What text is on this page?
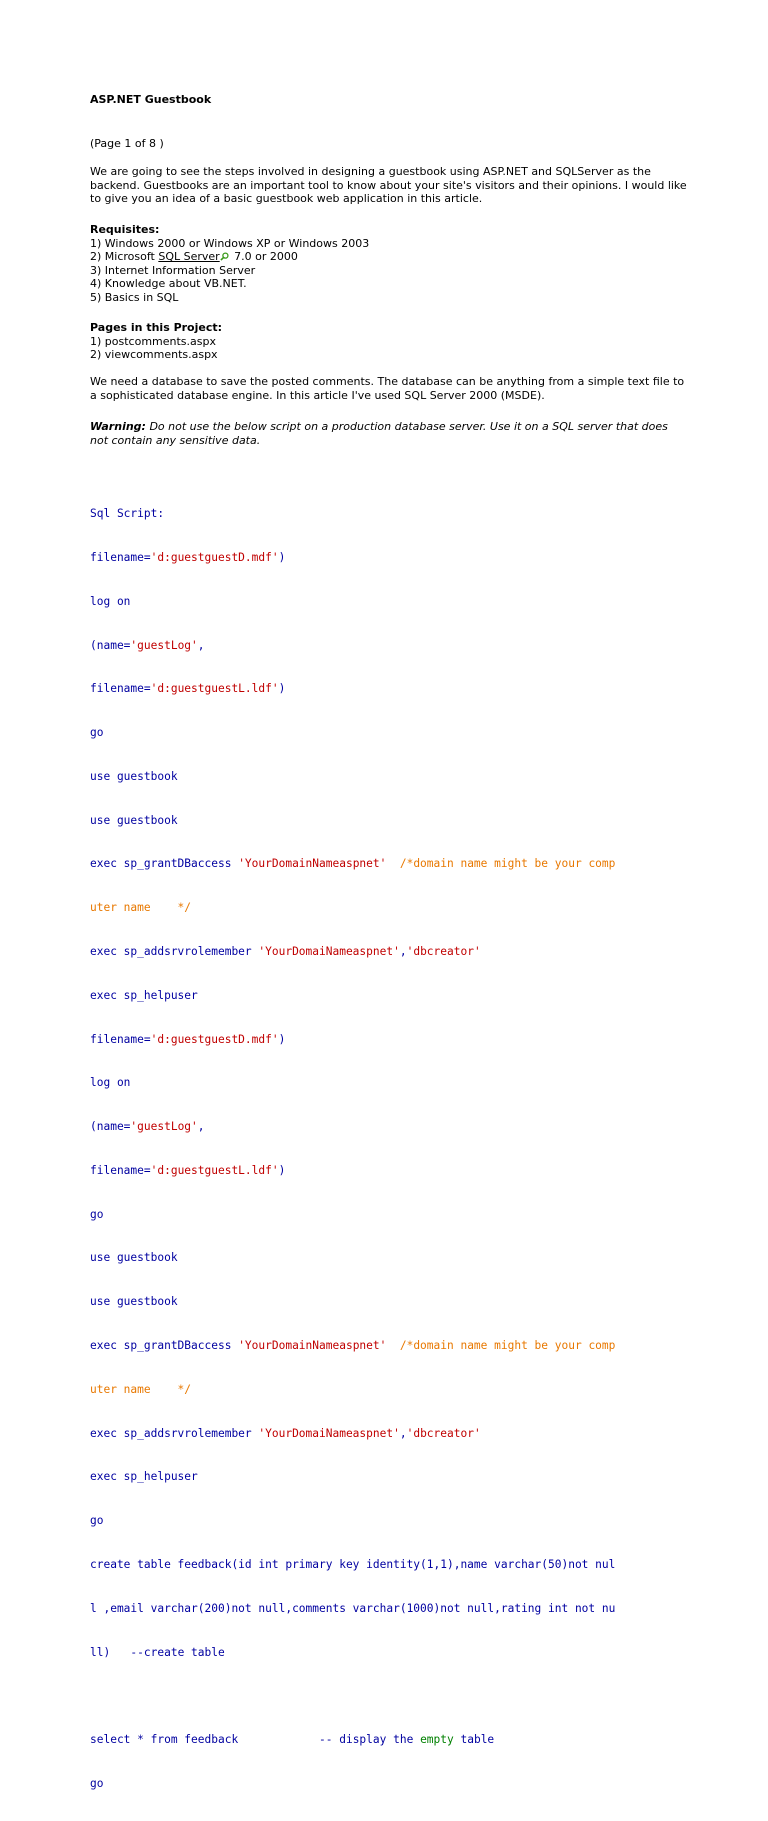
ASP.NET Guestbook
(Page 1 of 8 )
We are going to see the steps involved in designing a guestbook using ASP.NET and SQLServer as the
backend. Guestbooks are an important tool to know about your site's visitors and their opinions. I would like
to give you an idea of a basic guestbook web application in this article.
Requisites:
1) Windows 2000 or Windows XP or Windows 2003
2) Microsoft SQL Server 7.0 or 2000
3) Internet Information Server
4) Knowledge about VB.NET.
5) Basics in SQL
Pages in this Project:
1) postcomments.aspx
2) viewcomments.aspx
We need a database to save the posted comments. The database can be anything from a simple text file to
a sophisticated database engine. In this article I've used SQL Server 2000 (MSDE).
Warning: Do not use the below script on a production database server. Use it on a SQL server that does
not contain any sensitive data.

Sql Script:

filename='d:guestguestD.mdf')

log on

(name='guestLog',

filename='d:guestguestL.ldf')

go

use guestbook

use guestbook

exec sp_grantDBaccess 'YourDomainNameaspnet'  /*domain name might be your comp

uter name    */

exec sp_addsrvrolemember 'YourDomaiNameaspnet','dbcreator'

exec sp_helpuser

filename='d:guestguestD.mdf')

log on

(name='guestLog',

filename='d:guestguestL.ldf')

go

use guestbook

use guestbook

exec sp_grantDBaccess 'YourDomainNameaspnet'  /*domain name might be your comp

uter name    */

exec sp_addsrvrolemember 'YourDomaiNameaspnet','dbcreator'

exec sp_helpuser

go

create table feedback(id int primary key identity(1,1),name varchar(50)not nul

l ,email varchar(200)not null,comments varchar(1000)not null,rating int not nu

ll)   --create table

select * from feedback            -- display the empty table

go
